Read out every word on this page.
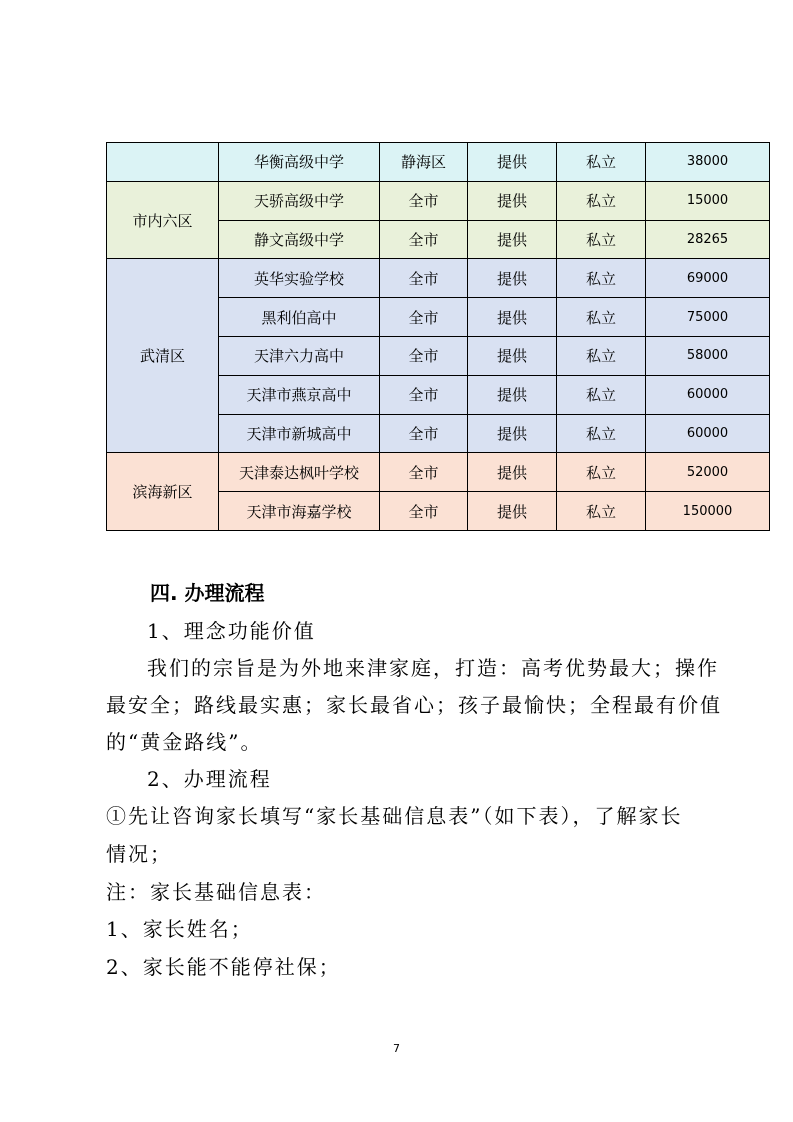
	华衡高级中学	静海区	提供	私立	38000
市内六区	天骄高级中学	全市	提供	私立	15000
	静文高级中学	全市	提供	私立	28265
武清区	英华实验学校	全市	提供	私立	69000
	黑利伯高中	全市	提供	私立	75000
	天津六力高中	全市	提供	私立	58000
	天津市燕京高中	全市	提供	私立	60000
	天津市新城高中	全市	提供	私立	60000
滨海新区	天津泰达枫叶学校	全市	提供	私立	52000
	天津市海嘉学校	全市	提供	私立	150000
四. 办理流程
1、理念功能价值
我们的宗旨是为外地来津家庭，打造：高考优势最大；操作
最安全；路线最实惠；家长最省心；孩子最愉快；全程最有价值
的“黄金路线”。
2、办理流程
①先让咨询家长填写“家长基础信息表”（如下表），了解家长
情况；
注：家长基础信息表：
1、家长姓名；
2、家长能不能停社保；
7
